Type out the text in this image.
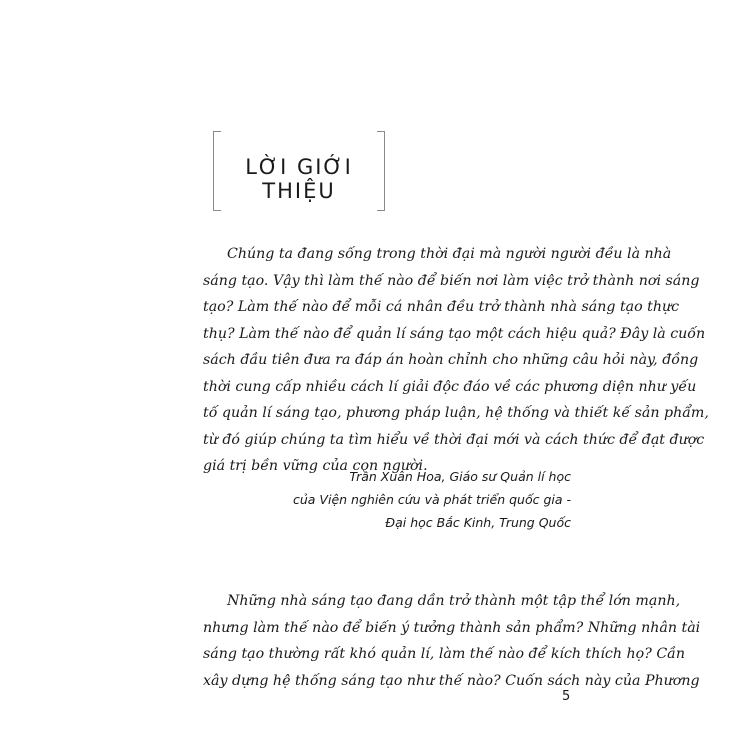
LỜI GIỚI THIỆU
Chúng ta đang sống trong thời đại mà người người đều là nhà
sáng tạo. Vậy thì làm thế nào để biến nơi làm việc trở thành nơi sáng
tạo? Làm thế nào để mỗi cá nhân đều trở thành nhà sáng tạo thực
thụ? Làm thế nào để quản lí sáng tạo một cách hiệu quả? Đây là cuốn
sách đầu tiên đưa ra đáp án hoàn chỉnh cho những câu hỏi này, đồng
thời cung cấp nhiều cách lí giải độc đáo về các phương diện như yếu
tố quản lí sáng tạo, phương pháp luận, hệ thống và thiết kế sản phẩm,
từ đó giúp chúng ta tìm hiểu về thời đại mới và cách thức để đạt được
giá trị bền vững của con người.
Trần Xuân Hoa, Giáo sư Quản lí học
của Viện nghiên cứu và phát triển quốc gia -
Đại học Bắc Kinh, Trung Quốc
Những nhà sáng tạo đang dần trở thành một tập thể lớn mạnh,
nhưng làm thế nào để biến ý tưởng thành sản phẩm? Những nhân tài
sáng tạo thường rất khó quản lí, làm thế nào để kích thích họ? Cần
xây dựng hệ thống sáng tạo như thế nào? Cuốn sách này của Phương
5
